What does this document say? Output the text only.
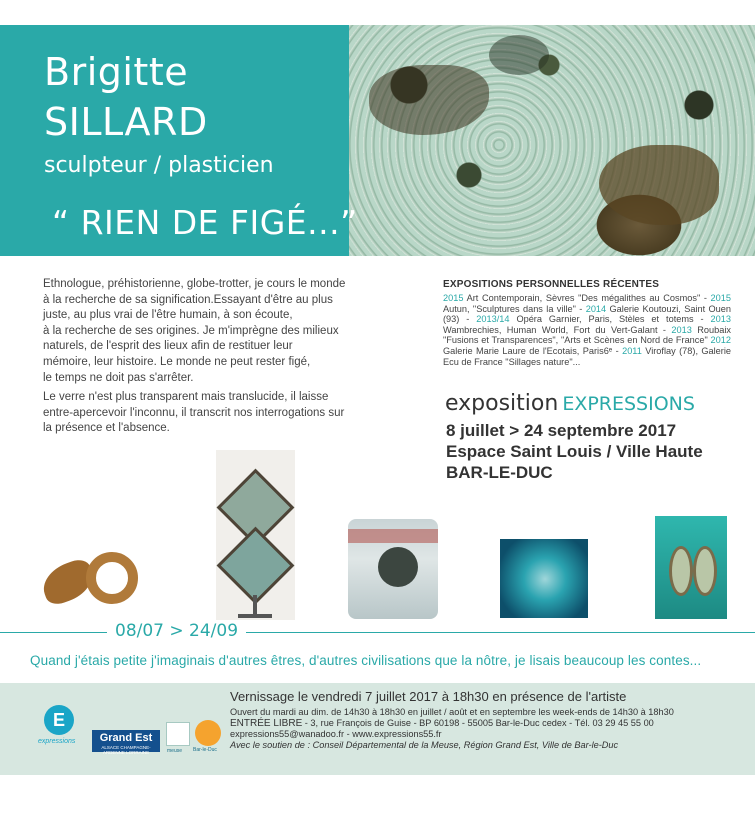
Brigitte
SILLARD
sculpteur / plasticien
“ RIEN DE FIGÉ...”

Ethnologue, préhistorienne, globe-trotter, je cours le monde
à la recherche de sa signification.Essayant d'être au plus
juste, au plus vrai de l'être humain, à son écoute,
à la recherche de ses origines. Je m'imprègne des milieux
naturels, de l'esprit des lieux afin de restituer leur
mémoire, leur histoire. Le monde ne peut rester figé,
le temps ne doit pas s'arrêter.

Le verre n'est plus transparent mais translucide, il laisse
entre-apercevoir l'inconnu, il transcrit nos interrogations sur
la présence et l'absence.

EXPOSITIONS PERSONNELLES RÉCENTES
2015 Art Contemporain, Sèvres "Des mégalithes au Cosmos" - 2015 Autun, "Sculptures dans la ville" - 2014 Galerie Koutouzi, Saint Ouen (93) - 2013/14 Opéra Garnier, Paris, Stèles et totems - 2013 Wambrechies, Human World, Fort du Vert-Galant - 2013 Roubaix "Fusions et Transparences", "Arts et Scènes en Nord de France" 2012 Galerie Marie Laure de l'Ecotais, Paris6ᵉ - 2011 Viroflay (78), Galerie Ecu de France "Sillages nature"...
exposition EXPRESSIONS
8 juillet > 24 septembre 2017
Espace Saint Louis / Ville Haute
BAR-LE-DUC
08/07 > 24/09
Quand j'étais petite j'imaginais d'autres êtres, d'autres civilisations que la nôtre, je lisais beaucoup les contes...
E
expressions	Grand Est
ALSACE CHAMPAGNE-ARDENNE LORRAINE	meuse Bar-le-Duc
Vernissage le vendredi 7 juillet 2017 à 18h30 en présence de l'artiste
Ouvert du mardi au dim. de 14h30 à 18h30 en juillet / août et en septembre les week-ends de 14h30 à 18h30
ENTRÉE LIBRE - 3, rue François de Guise - BP 60198 - 55005 Bar-le-Duc cedex - Tél. 03 29 45 55 00
expressions55@wanadoo.fr - www.expressions55.fr
Avec le soutien de : Conseil Départemental de la Meuse, Région Grand Est, Ville de Bar-le-Duc
